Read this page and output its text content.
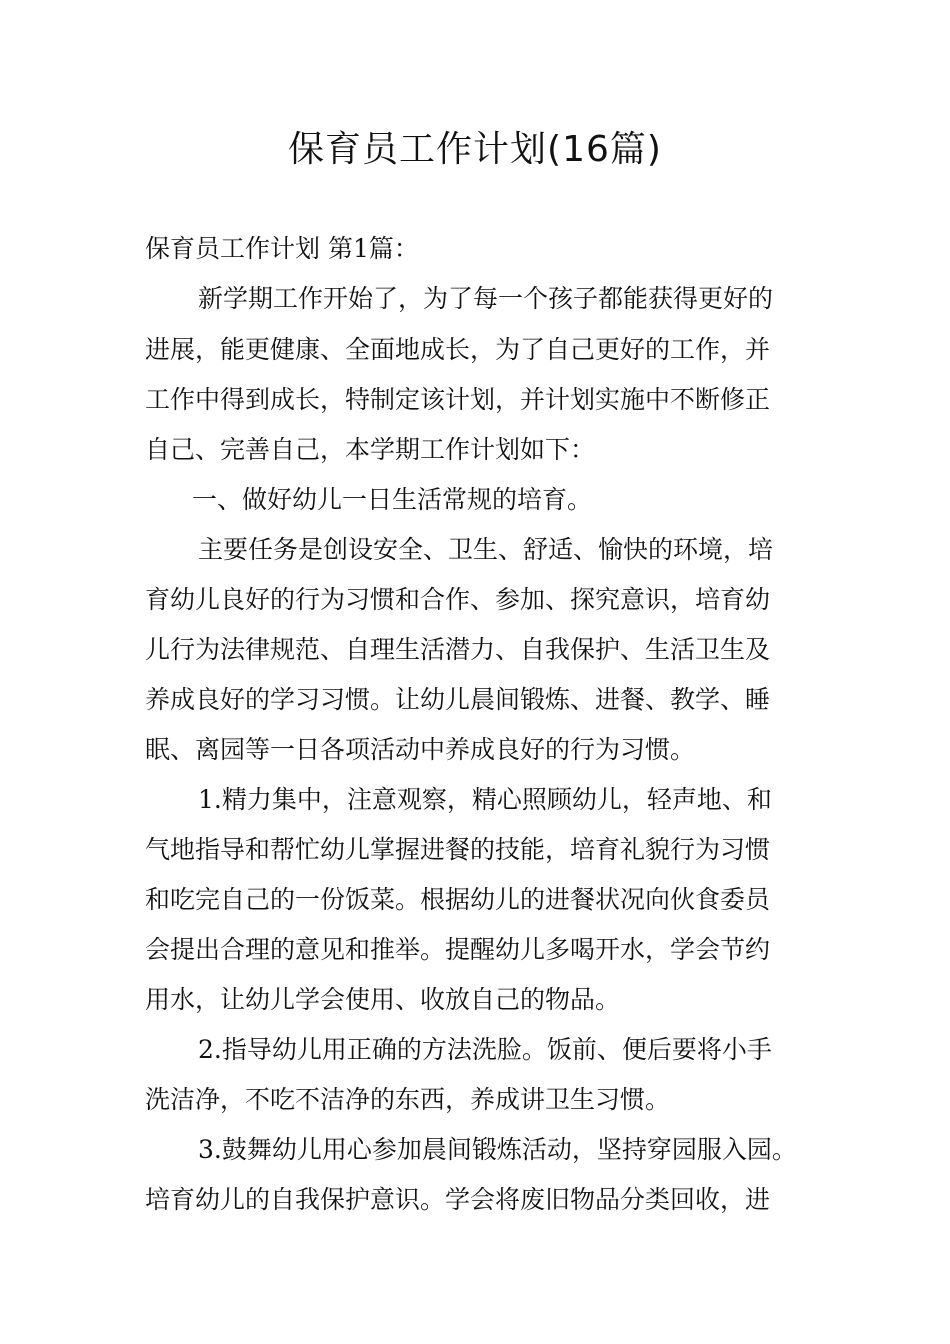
保育员工作计划(16篇)
保育员工作计划 第1篇：
新学期工作开始了，为了每一个孩子都能获得更好的
进展，能更健康、全面地成长，为了自己更好的工作，并
工作中得到成长，特制定该计划，并计划实施中不断修正
自己、完善自己，本学期工作计划如下：
一、做好幼儿一日生活常规的培育。
主要任务是创设安全、卫生、舒适、愉快的环境，培
育幼儿良好的行为习惯和合作、参加、探究意识，培育幼
儿行为法律规范、自理生活潜力、自我保护、生活卫生及
养成良好的学习习惯。让幼儿晨间锻炼、进餐、教学、睡
眠、离园等一日各项活动中养成良好的行为习惯。
1.精力集中，注意观察，精心照顾幼儿，轻声地、和
气地指导和帮忙幼儿掌握进餐的技能，培育礼貌行为习惯
和吃完自己的一份饭菜。根据幼儿的进餐状况向伙食委员
会提出合理的意见和推举。提醒幼儿多喝开水，学会节约
用水，让幼儿学会使用、收放自己的物品。
2.指导幼儿用正确的方法洗脸。饭前、便后要将小手
洗洁净，不吃不洁净的东西，养成讲卫生习惯。
3.鼓舞幼儿用心参加晨间锻炼活动，坚持穿园服入园。
培育幼儿的自我保护意识。学会将废旧物品分类回收，进
